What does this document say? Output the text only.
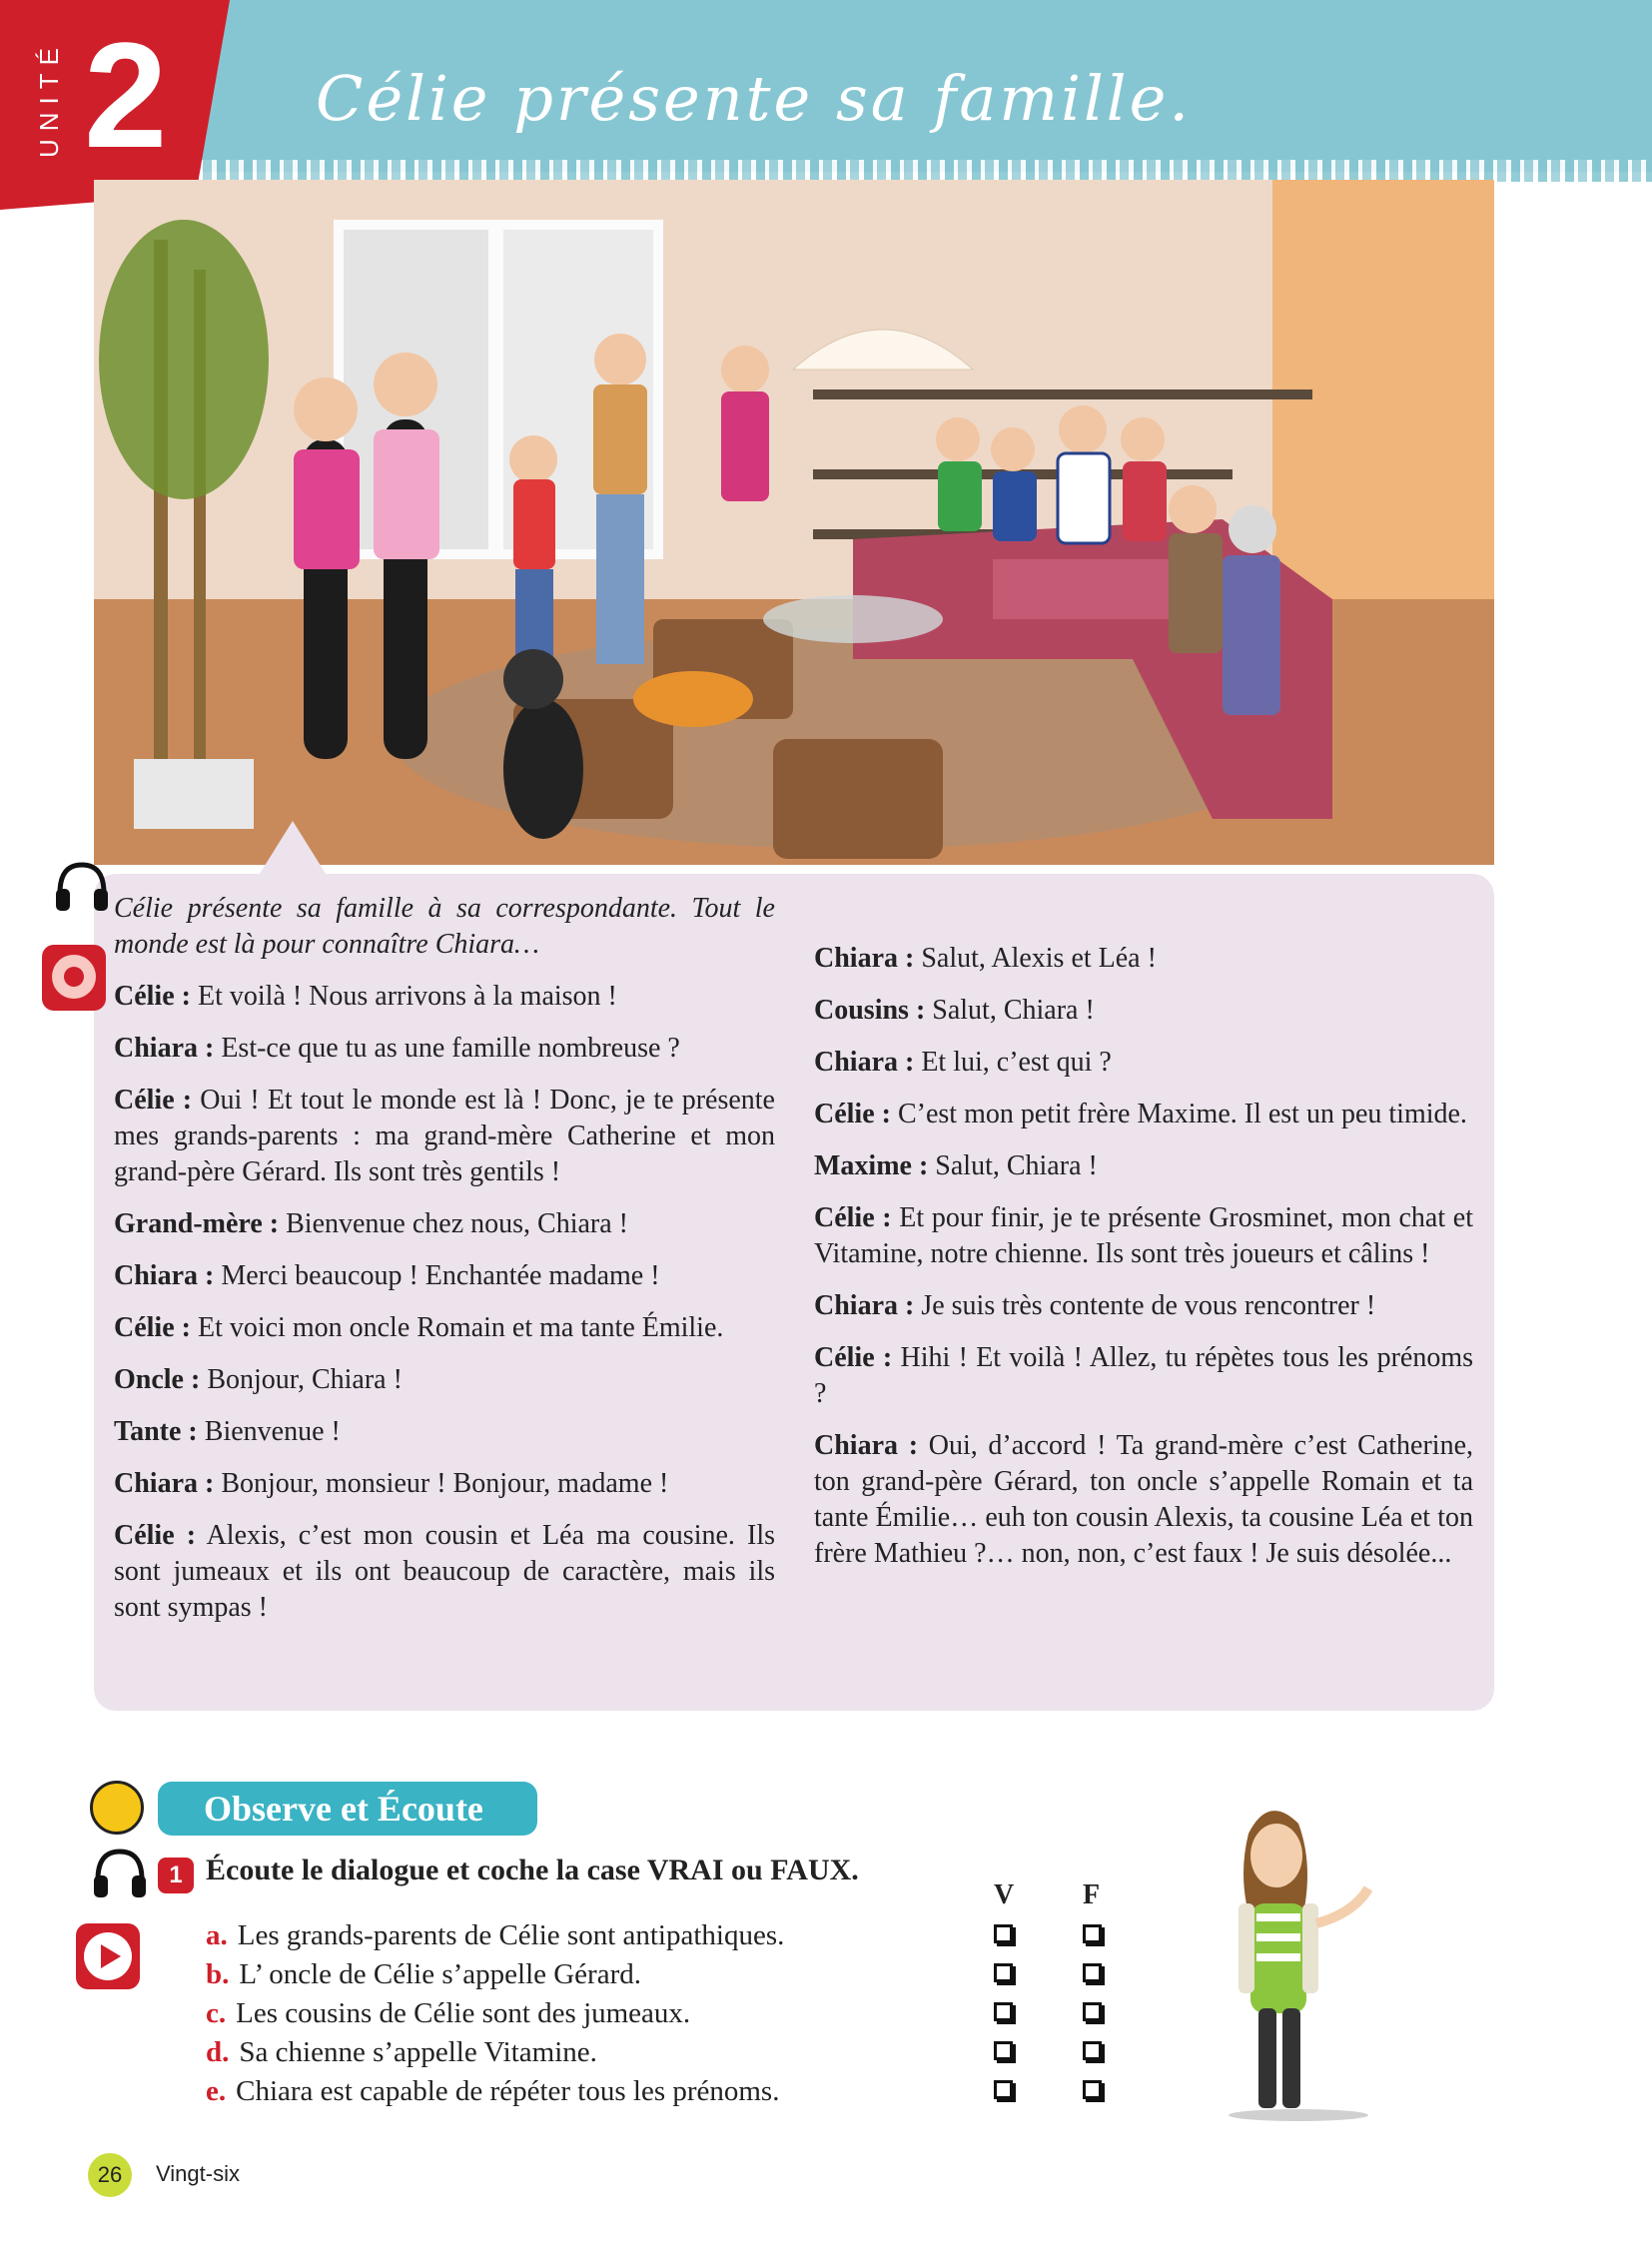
UNITÉ 2 Célie présente sa famille.
Célie présente sa famille à sa correspondante. Tout le monde est là pour connaître Chiara…
Célie : Et voilà ! Nous arrivons à la maison !
Chiara : Est-ce que tu as une famille nombreuse ?
Célie : Oui ! Et tout le monde est là ! Donc, je te présente mes grands-parents : ma grand-mère Catherine et mon grand-père Gérard. Ils sont très gentils !
Grand-mère : Bienvenue chez nous, Chiara !
Chiara : Merci beaucoup ! Enchantée madame !
Célie : Et voici mon oncle Romain et ma tante Émilie.
Oncle : Bonjour, Chiara !
Tante : Bienvenue !
Chiara : Bonjour, monsieur ! Bonjour, madame !
Célie : Alexis, c’est mon cousin et Léa ma cousine. Ils sont jumeaux et ils ont beaucoup de caractère, mais ils sont sympas !
Chiara : Salut, Alexis et Léa !
Cousins : Salut, Chiara !
Chiara : Et lui, c’est qui ?
Célie : C’est mon petit frère Maxime. Il est un peu timide.
Maxime : Salut, Chiara !
Célie : Et pour finir, je te présente Grosminet, mon chat et Vitamine, notre chienne. Ils sont très joueurs et câlins !
Chiara : Je suis très contente de vous rencontrer !
Célie : Hihi ! Et voilà ! Allez, tu répètes tous les prénoms ?
Chiara : Oui, d’accord ! Ta grand-mère c’est Catherine, ton grand-père Gérard, ton oncle s’appelle Romain et ta tante Émilie… euh ton cousin Alexis, ta cousine Léa et ton frère Mathieu ?… non, non, c’est faux ! Je suis désolée...
Observe et Écoute
1 Écoute le dialogue et coche la case VRAI ou FAUX.
V F
a. Les grands-parents de Célie sont antipathiques.
b. L’ oncle de Célie s’appelle Gérard.
c. Les cousins de Célie sont des jumeaux.
d. Sa chienne s’appelle Vitamine.
e. Chiara est capable de répéter tous les prénoms.
26	Vingt-six
